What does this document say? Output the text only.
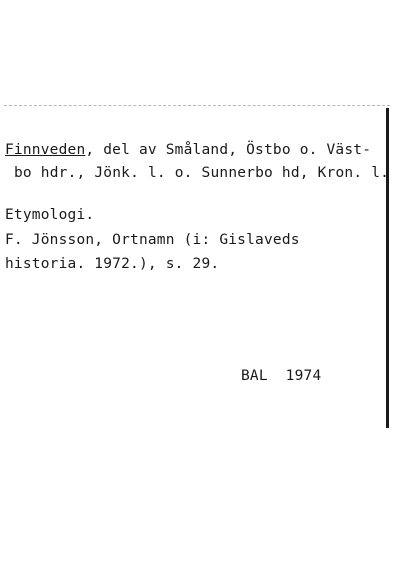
Finnveden, del av Småland, Östbo o. Väst-
bo hdr., Jönk. l. o. Sunnerbo hd, Kron. l.
Etymologi.
F. Jönsson, Ortnamn (i: Gislaveds
historia. 1972.), s. 29.
BAL  1974
